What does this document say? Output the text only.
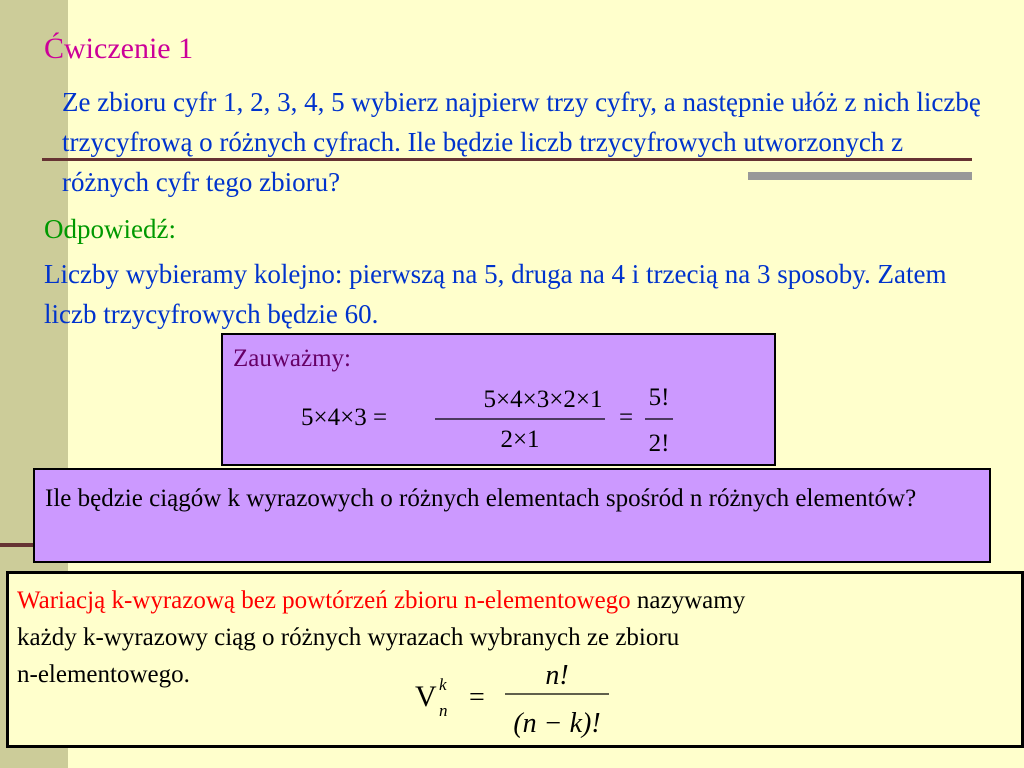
Ćwiczenie 1

Ze zbioru cyfr 1, 2, 3, 4, 5 wybierz najpierw trzy cyfry, a następnie ułóż z nich liczbę trzycyfrową o różnych cyfrach. Ile będzie liczb trzycyfrowych utworzonych z różnych cyfr tego zbioru?

Odpowiedź:

Liczby wybieramy kolejno: pierwszą na 5, druga na 4 i trzecią na 3 sposoby. Zatem liczb trzycyfrowych będzie 60.

Zauważmy:
5×4×3 =
5×4×3×2×1
2×1
=
5!
2!

Ile będzie ciągów k wyrazowych o różnych elementach spośród n różnych elementów?

Wariacją k-wyrazową bez powtórzeń zbioru n-elementowego nazywamy
każdy k-wyrazowy ciąg o różnych wyrazach wybranych ze zbioru
n-elementowego.

V k
n =
n!
(n − k)!
